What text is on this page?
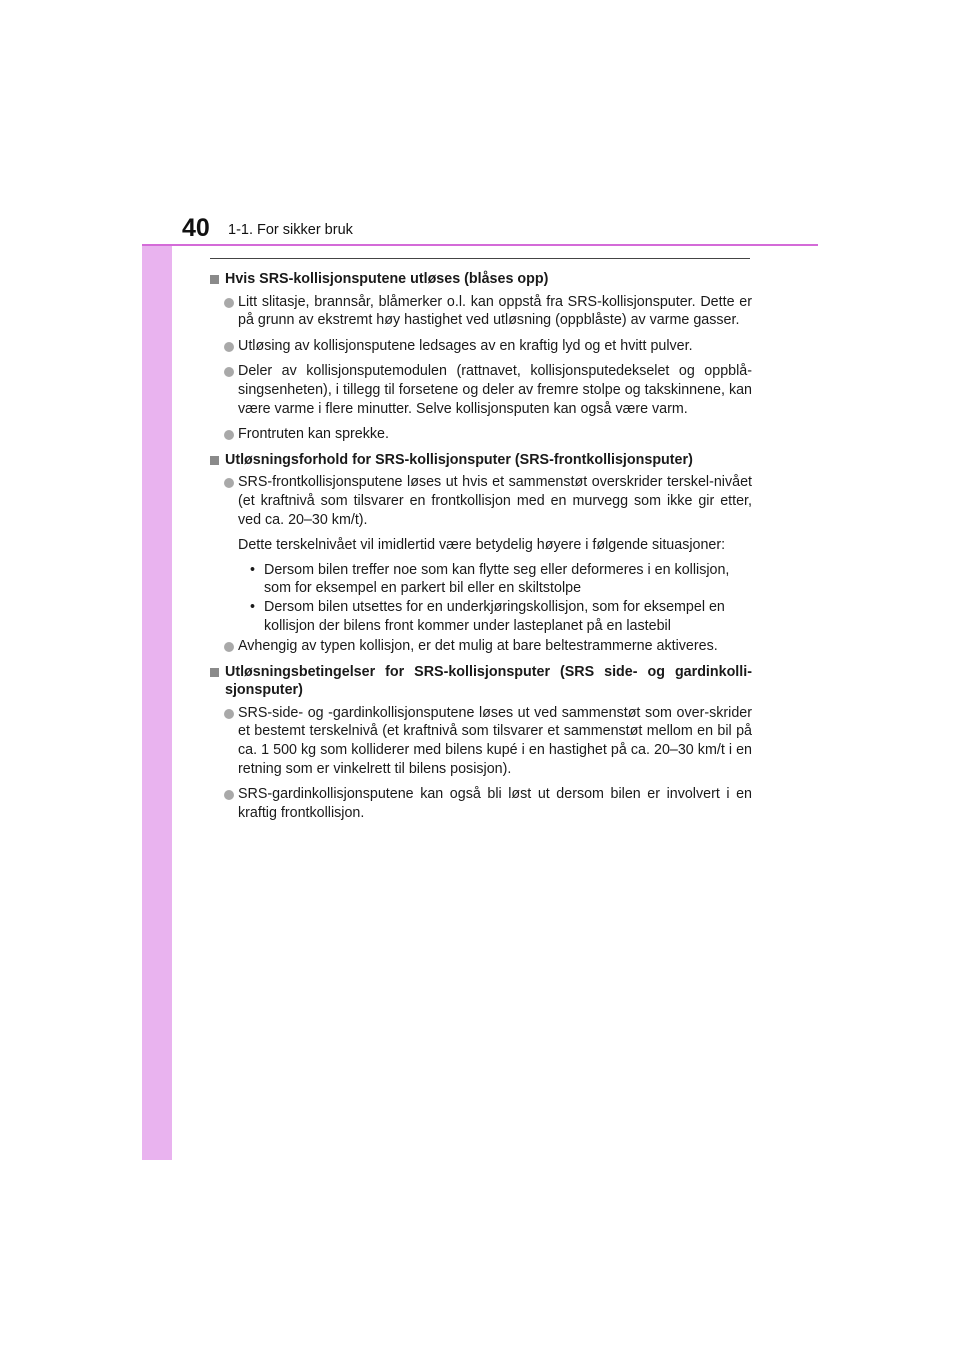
40 1-1. For sikker bruk
Hvis SRS-kollisjonsputene utløses (blåses opp)
Litt slitasje, brannsår, blåmerker o.l. kan oppstå fra SRS-kollisjonsputer. Dette er på grunn av ekstremt høy hastighet ved utløsning (oppblåste) av varme gasser.
Utløsing av kollisjonsputene ledsages av en kraftig lyd og et hvitt pulver.
Deler av kollisjonsputemodulen (rattnavet, kollisjonsputedekselet og oppblå-singsenheten), i tillegg til forsetene og deler av fremre stolpe og takskinnene, kan være varme i flere minutter. Selve kollisjonsputen kan også være varm.
Frontruten kan sprekke.
Utløsningsforhold for SRS-kollisjonsputer (SRS-frontkollisjonsputer)
SRS-frontkollisjonsputene løses ut hvis et sammenstøt overskrider terskel-nivået (et kraftnivå som tilsvarer en frontkollisjon med en murvegg som ikke gir etter, ved ca. 20–30 km/t).
Dette terskelnivået vil imidlertid være betydelig høyere i følgende situasjoner:
• Dersom bilen treffer noe som kan flytte seg eller deformeres i en kollisjon, som for eksempel en parkert bil eller en skiltstolpe
• Dersom bilen utsettes for en underkjøringskollisjon, som for eksempel en kollisjon der bilens front kommer under lasteplanet på en lastebil
Avhengig av typen kollisjon, er det mulig at bare beltestrammerne aktiveres.
Utløsningsbetingelser for SRS-kollisjonsputer (SRS side- og gardinkolli-sjonsputer)
SRS-side- og -gardinkollisjonsputene løses ut ved sammenstøt som over-skrider et bestemt terskelnivå (et kraftnivå som tilsvarer et sammenstøt mellom en bil på ca. 1 500 kg som kolliderer med bilens kupé i en hastighet på ca. 20–30 km/t i en retning som er vinkelrett til bilens posisjon).
SRS-gardinkollisjonsputene kan også bli løst ut dersom bilen er involvert i en kraftig frontkollisjon.
